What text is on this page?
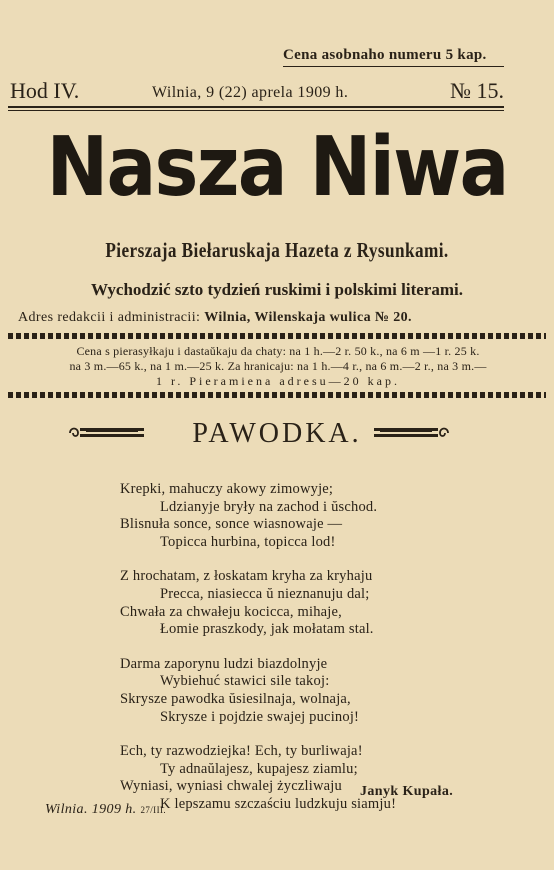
Cena asobnaho numeru 5 kap.
Hod IV.	Wilnia, 9 (22) aprela 1909 h.	№ 15.
Nasza Niwa
Pierszaja Biełaruskaja Hazeta z Rysunkami.
Wychodzić szto tydzień ruskimi i polskimi literami.
Adres redakcii i administracii: Wilnia, Wilenskaja wulica № 20.
Cena s pierasyłkaju i dastaŭkaju da chaty: na 1 h.—2 r. 50 k., na 6 m —1 r. 25 k.
na 3 m.—65 k., na 1 m.—25 k. Za hranicaju: na 1 h.—4 r., na 6 m.—2 r., na 3 m.—
1 r. Pieramiena adresu—20 kap.
PAWODKA.
Krepki, mahuczy akowy zimowyje;
Ldzianyje bryły na zachod i ŭschod.
Blisnuła sonce, sonce wiasnowaje —
Topicca hurbina, topicca lod!
Z hrochatam, z łoskatam kryha za kryhaju
Precca, niasiecca ŭ nieznanuju dal;
Chwała za chwałeju kocicca, mihaje,
Łomie praszkody, jak mołatam stal.
Darma zaporynu ludzi biazdolnyje
Wybiehuć stawici sile takoj:
Skrysze pawodka ŭsiesilnaja, wolnaja,
Skrysze i pojdzie swajej pucinoj!
Ech, ty razwodziejka! Ech, ty burliwaja!
Ty adnaŭlajesz, kupajesz ziamlu;
Wyniasi, wyniasi chwalej życzliwaju
K lepszamu szczaściu ludzkuju siamju!
Janyk Kupała.
Wilnia. 1909 h. 27/III.
